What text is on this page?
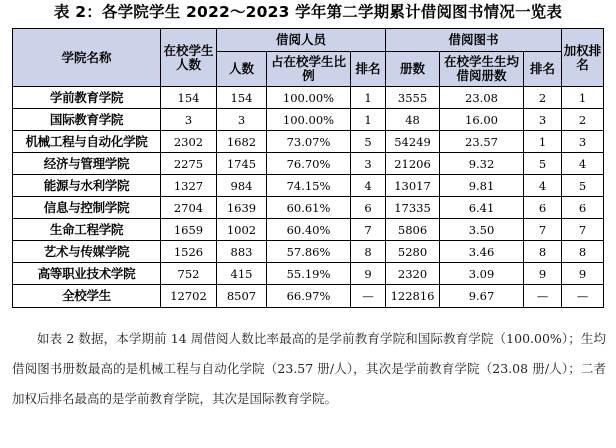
表 2：各学院学生 2022～2023 学年第二学期累计借阅图书情况一览表
学院名称	在校学生人数	借阅人员			借阅图书			加权排名
		人数	占在校学生比例	排名	册数	在校学生生均借阅册数	排名	
学前教育学院	154	154	100.00%	1	3555	23.08	2	1
国际教育学院	3	3	100.00%	1	48	16.00	3	2
机械工程与自动化学院	2302	1682	73.07%	5	54249	23.57	1	3
经济与管理学院	2275	1745	76.70%	3	21206	9.32	5	4
能源与水利学院	1327	984	74.15%	4	13017	9.81	4	5
信息与控制学院	2704	1639	60.61%	6	17335	6.41	6	6
生命工程学院	1659	1002	60.40%	7	5806	3.50	7	7
艺术与传媒学院	1526	883	57.86%	8	5280	3.46	8	8
高等职业技术学院	752	415	55.19%	9	2320	3.09	9	9
全校学生	12702	8507	66.97%	—	122816	9.67	—	—

如表 2 数据，本学期前 14 周借阅人数比率最高的是学前教育学院和国际教育学院（100.00%）；生均借阅图书册数最高的是机械工程与自动化学院（23.57 册/人），其次是学前教育学院（23.08 册/人）；二者加权后排名最高的是学前教育学院，其次是国际教育学院。
